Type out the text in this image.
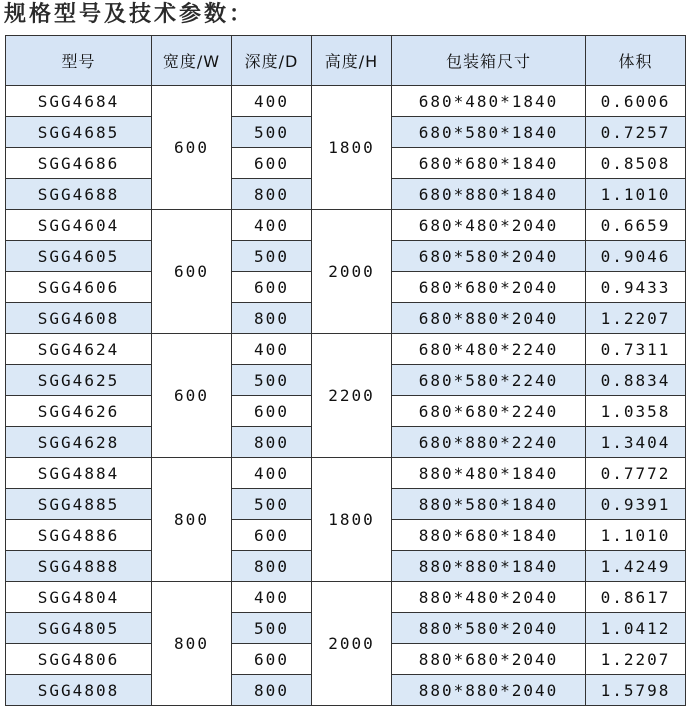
规格型号及技术参数：
型号	宽度/W	深度/D	高度/H	包装箱尺寸	体积
SGG4684	600	400	1800	680*480*1840	0.6006
SGG4685		500		680*580*1840	0.7257
SGG4686		600		680*680*1840	0.8508
SGG4688		800		680*880*1840	1.1010
SGG4604	600	400	2000	680*480*2040	0.6659
SGG4605		500		680*580*2040	0.9046
SGG4606		600		680*680*2040	0.9433
SGG4608		800		680*880*2040	1.2207
SGG4624	600	400	2200	680*480*2240	0.7311
SGG4625		500		680*580*2240	0.8834
SGG4626		600		680*680*2240	1.0358
SGG4628		800		680*880*2240	1.3404
SGG4884	800	400	1800	880*480*1840	0.7772
SGG4885		500		880*580*1840	0.9391
SGG4886		600		880*680*1840	1.1010
SGG4888		800		880*880*1840	1.4249
SGG4804	800	400	2000	880*480*2040	0.8617
SGG4805		500		880*580*2040	1.0412
SGG4806		600		880*680*2040	1.2207
SGG4808		800		880*880*2040	1.5798
